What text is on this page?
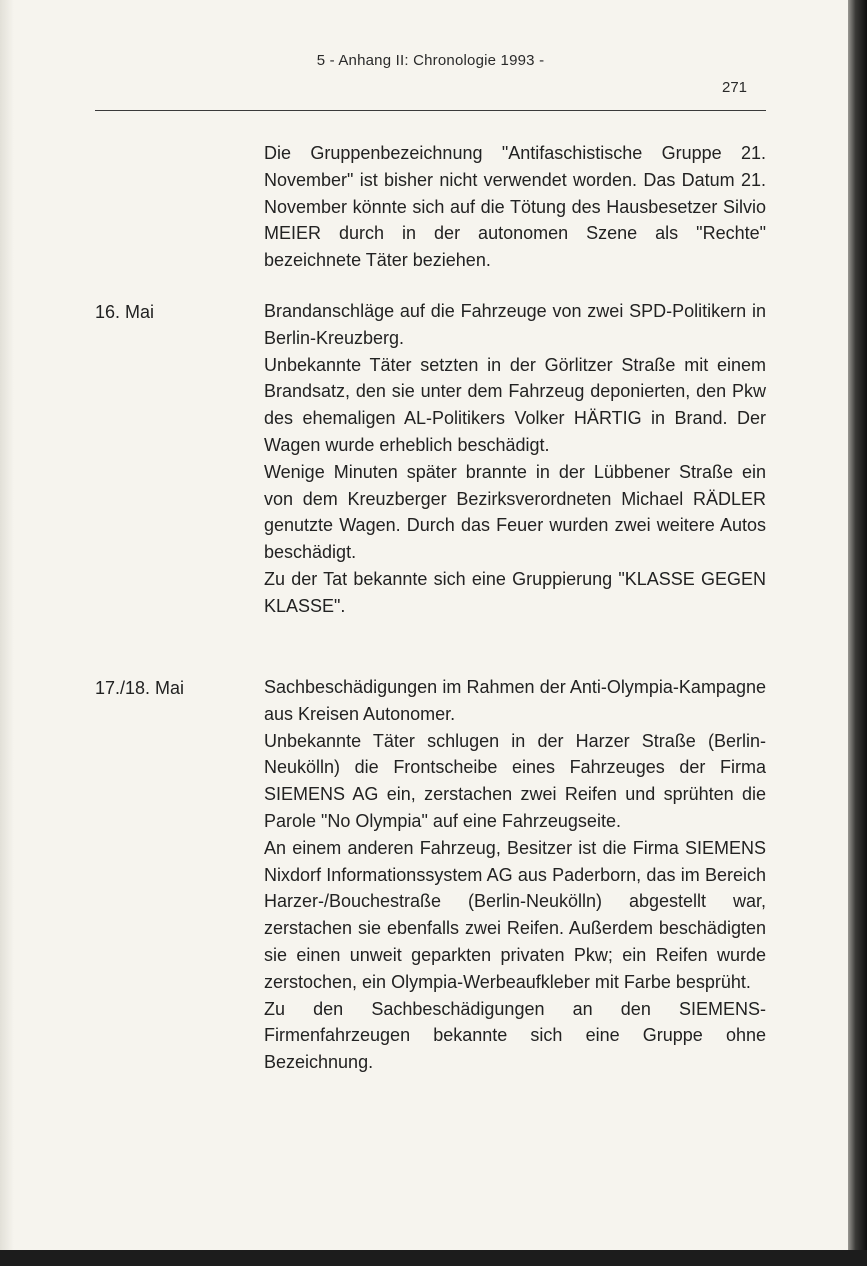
5 - Anhang II: Chronologie 1993 -
271

Die Gruppenbezeichnung "Antifaschistische Gruppe 21. November" ist bisher nicht verwendet worden. Das Datum 21. November könnte sich auf die Tötung des Hausbesetzer Silvio MEIER durch in der autonomen Szene als "Rechte" bezeichnete Täter beziehen.

16. Mai	Brandanschläge auf die Fahrzeuge von zwei SPD-Politikern in Berlin-Kreuzberg.

Unbekannte Täter setzten in der Görlitzer Straße mit einem Brandsatz, den sie unter dem Fahrzeug deponierten, den Pkw des ehemaligen AL-Politikers Volker HÄRTIG in Brand. Der Wagen wurde erheblich beschädigt.

Wenige Minuten später brannte in der Lübbener Straße ein von dem Kreuzberger Bezirksverordneten Michael RÄDLER genutzte Wagen. Durch das Feuer wurden zwei weitere Autos beschädigt.

Zu der Tat bekannte sich eine Gruppierung "KLASSE GEGEN KLASSE".

17./18. Mai	Sachbeschädigungen im Rahmen der Anti-Olympia-Kampagne aus Kreisen Autonomer.

Unbekannte Täter schlugen in der Harzer Straße (Berlin-Neukölln) die Frontscheibe eines Fahrzeuges der Firma SIEMENS AG ein, zerstachen zwei Reifen und sprühten die Parole "No Olympia" auf eine Fahrzeugseite.

An einem anderen Fahrzeug, Besitzer ist die Firma SIEMENS Nixdorf Informationssystem AG aus Paderborn, das im Bereich Harzer-/Bouchestraße (Berlin-Neukölln) abgestellt war, zerstachen sie ebenfalls zwei Reifen. Außerdem beschädigten sie einen unweit geparkten privaten Pkw; ein Reifen wurde zerstochen, ein Olympia-Werbeaufkleber mit Farbe besprüht.

Zu den Sachbeschädigungen an den SIEMENS-Firmenfahrzeugen bekannte sich eine Gruppe ohne Bezeichnung.
